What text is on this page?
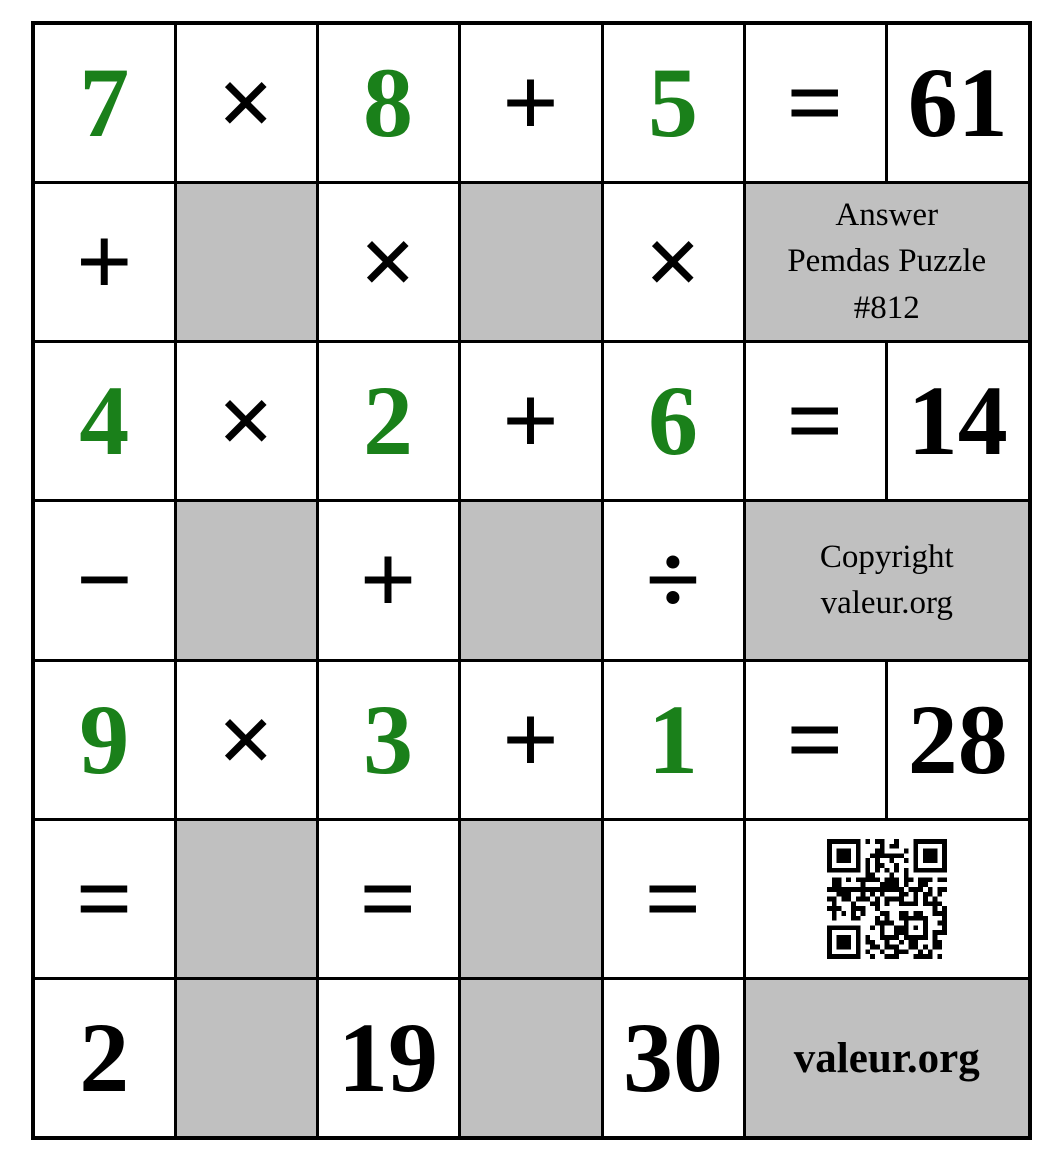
7	×	8	+	5	=	61
+		×		×	Answer
Pemdas Puzzle
#812	

4	×	2	+	6	=	14
−		+		÷	Copyright
valeur.org	

9	×	3	+	1	=	28
=		=		=	

2		19		30	valeur.org	
